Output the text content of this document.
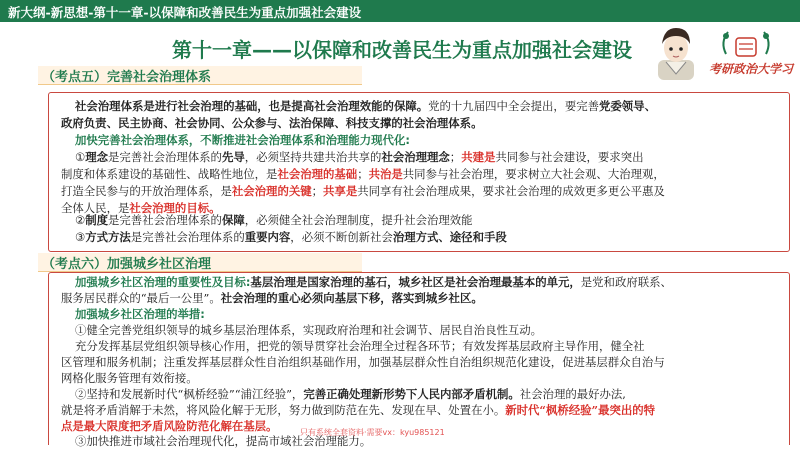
新大纲-新思想-第十一章-以保障和改善民生为重点加强社会建设
第十一章——以保障和改善民生为重点加强社会建设
考研政治大学习
（考点五）完善社会治理体系
社会治理体系是进行社会治理的基础，也是提高社会治理效能的保障。党的十九届四中全会提出，要完善党委领导、
政府负责、民主协商、社会协同、公众参与、法治保障、科技支撑的社会治理体系。
加快完善社会治理体系，不断推进社会治理体系和治理能力现代化:
①理念是完善社会治理体系的先导，必须坚持共建共治共享的社会治理理念；共建是共同参与社会建设，要求突出
制度和体系建设的基础性、战略性地位，是社会治理的基础；共治是共同参与社会治理，要求树立大社会观、大治理观，
打造全民参与的开放治理体系，是社会治理的关键；共享是共同享有社会治理成果，要求社会治理的成效更多更公平惠及
全体人民，是社会治理的目标。
②制度是完善社会治理体系的保障，必须健全社会治理制度，提升社会治理效能
③方式方法是完善社会治理体系的重要内容，必须不断创新社会治理方式、途径和手段
（考点六）加强城乡社区治理
加强城乡社区治理的重要性及目标:基层治理是国家治理的基石，城乡社区是社会治理最基本的单元，是党和政府联系、
服务居民群众的“最后一公里”。社会治理的重心必须向基层下移，落实到城乡社区。
加强城乡社区治理的举措:
①健全完善党组织领导的城乡基层治理体系，实现政府治理和社会调节、居民自治良性互动。
充分发挥基层党组织领导核心作用，把党的领导贯穿社会治理全过程各环节；有效发挥基层政府主导作用，健全社
区管理和服务机制；注重发挥基层群众性自治组织基础作用，加强基层群众性自治组织规范化建设，促进基层群众自治与
网格化服务管理有效衔接。
②坚持和发展新时代“枫桥经验”“浦江经验”，完善正确处理新形势下人民内部矛盾机制。社会治理的最好办法,
就是将矛盾消解于未然，将风险化解于无形，努力做到防范在先、发现在早、处置在小。新时代“枫桥经验”最突出的特
点是最大限度把矛盾风险防范化解在基层。
③加快推进市域社会治理现代化，提高市域社会治理能力。
只有系统全套资料·需要vx：kyu985121
